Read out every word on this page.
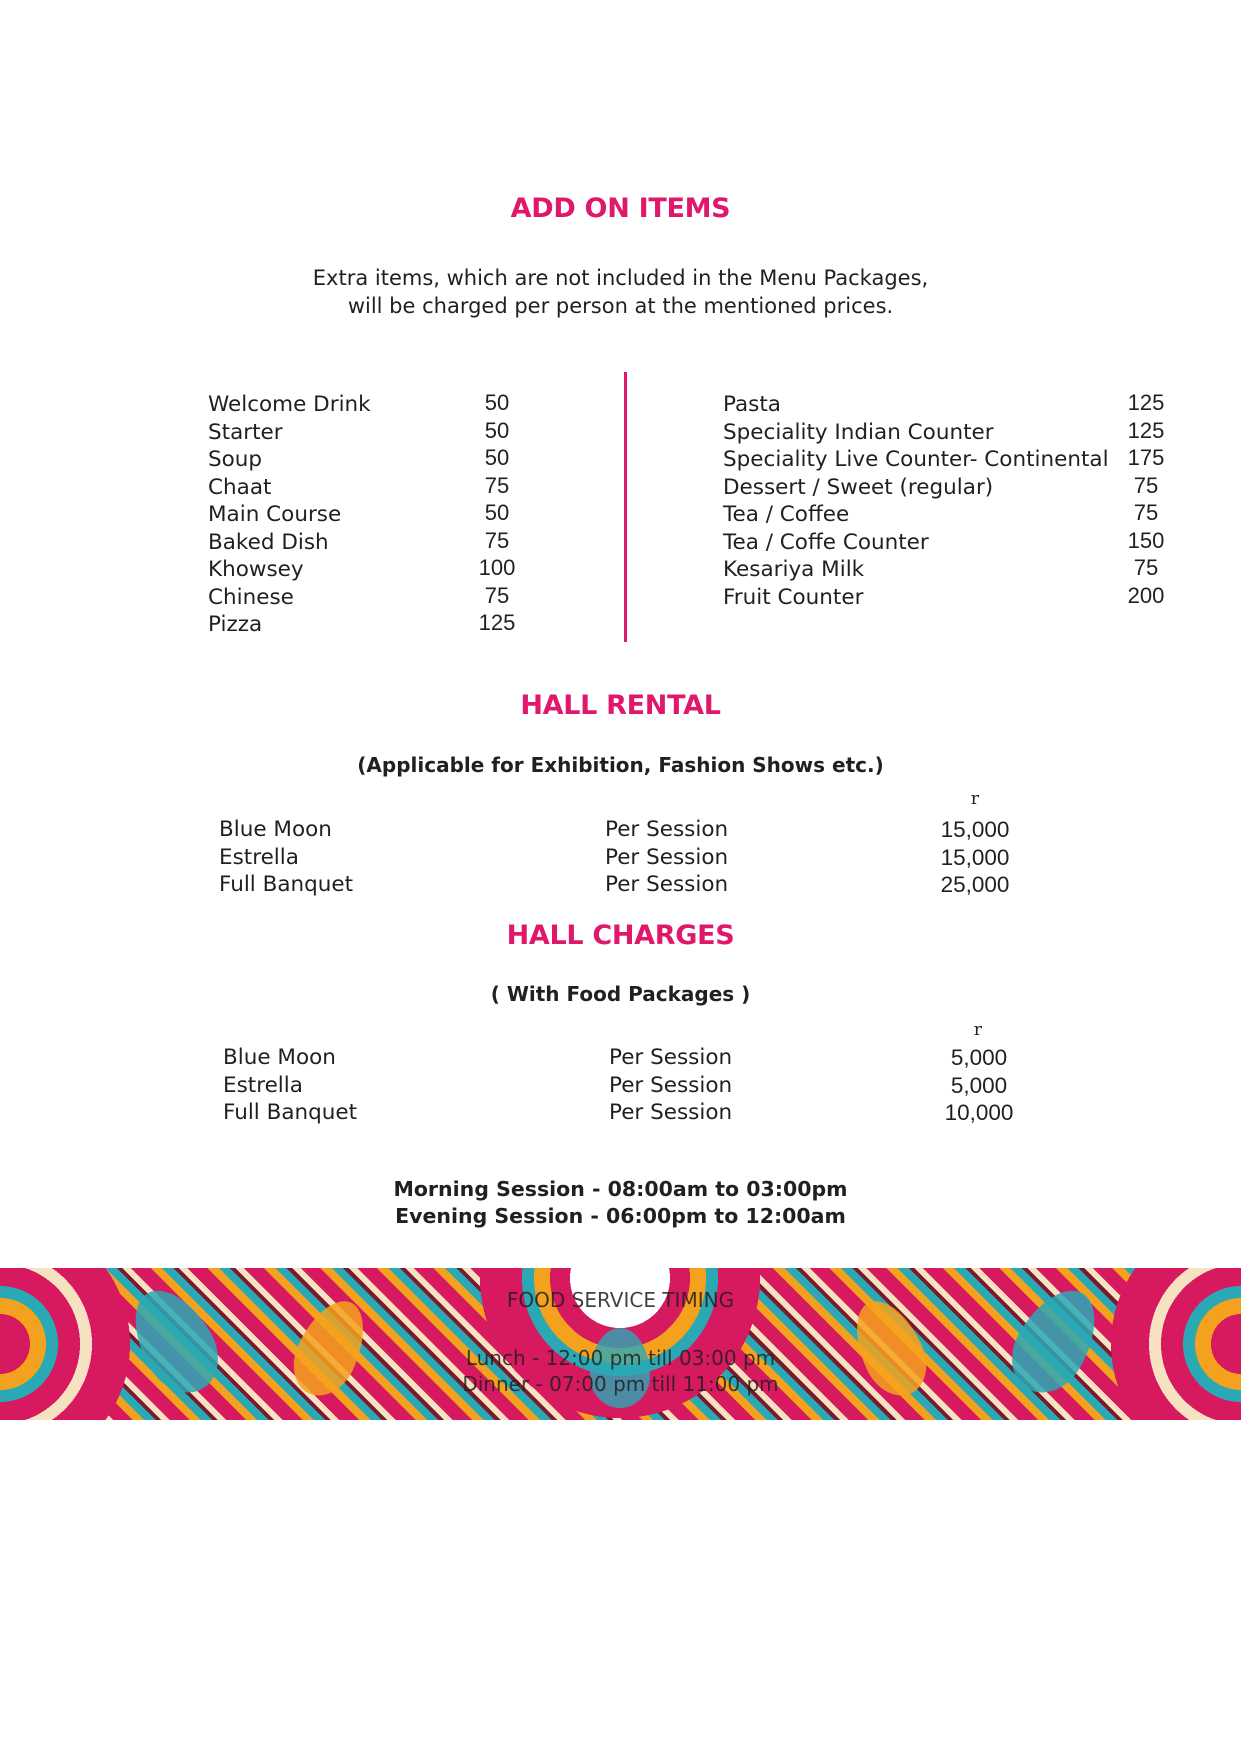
ADD ON ITEMS
Extra items, which are not included in the Menu Packages,
will be charged per person at the mentioned prices.
Welcome Drink	50
Starter	50
Soup	50
Chaat	75
Main Course	50
Baked Dish	75
Khowsey	100
Chinese	75
Pizza	125
Pasta	125
Speciality Indian Counter	125
Speciality Live Counter- Continental 175
Dessert / Sweet (regular)	75
Tea / Coffee	75
Tea / Coffe Counter	150
Kesariya Milk	75
Fruit Counter	200
HALL RENTAL
(Applicable for Exhibition, Fashion Shows etc.)
r
Blue Moon	Per Session	15,000
Estrella	Per Session	15,000
Full Banquet	Per Session	25,000
HALL CHARGES
( With Food Packages )
r
Blue Moon	Per Session	5,000
Estrella	Per Session	5,000
Full Banquet	Per Session	10,000
Morning Session - 08:00am to 03:00pm
Evening Session - 06:00pm to 12:00am
FOOD SERVICE TIMING
Lunch - 12:00 pm till 03:00 pm
Dinner - 07:00 pm till 11:00 pm
